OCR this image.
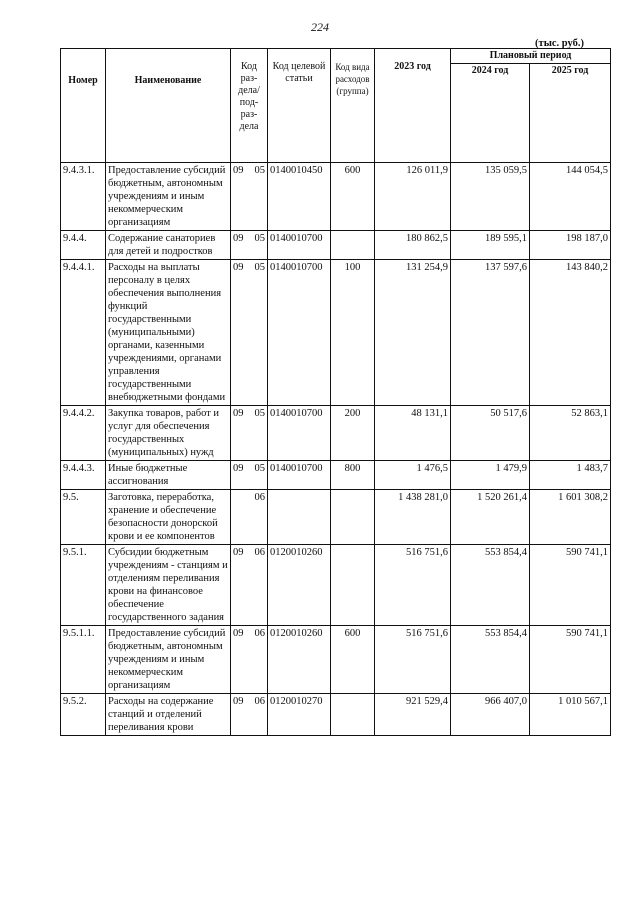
224
(тыс. руб.)
Номер	Наименование	Код раз-дела/ под-раз-дела	Код целевой статьи	Код вида расходов (группа)	2023 год	Плановый период	
						2024 год	2025 год
9.4.3.1.	Предоставление субсидий бюджетным, автономным учреждениям и иным некоммерческим организациям	09 05	0140010450	600	126 011,9	135 059,5	144 054,5
9.4.4.	Содержание санаториев для детей и подростков	09 05	0140010700		180 862,5	189 595,1	198 187,0
9.4.4.1.	Расходы на выплаты персоналу в целях обеспечения выполнения функций государственными (муниципальными) органами, казенными учреждениями, органами управления государственными внебюджетными фондами	09 05	0140010700	100	131 254,9	137 597,6	143 840,2
9.4.4.2.	Закупка товаров, работ и услуг для обеспечения государственных (муниципальных) нужд	09 05	0140010700	200	48 131,1	50 517,6	52 863,1
9.4.4.3.	Иные бюджетные ассигнования	09 05	0140010700	800	1 476,5	1 479,9	1 483,7
9.5.	Заготовка, переработка, хранение и обеспечение безопасности донорской крови и ее компонентов	06			1 438 281,0	1 520 261,4	1 601 308,2
9.5.1.	Субсидии бюджетным учреждениям - станциям и отделениям переливания крови на финансовое обеспечение государственного задания	09 06	0120010260		516 751,6	553 854,4	590 741,1
9.5.1.1.	Предоставление субсидий бюджетным, автономным учреждениям и иным некоммерческим организациям	09 06	0120010260	600	516 751,6	553 854,4	590 741,1
9.5.2.	Расходы на содержание станций и отделений переливания крови	09 06	0120010270		921 529,4	966 407,0	1 010 567,1
